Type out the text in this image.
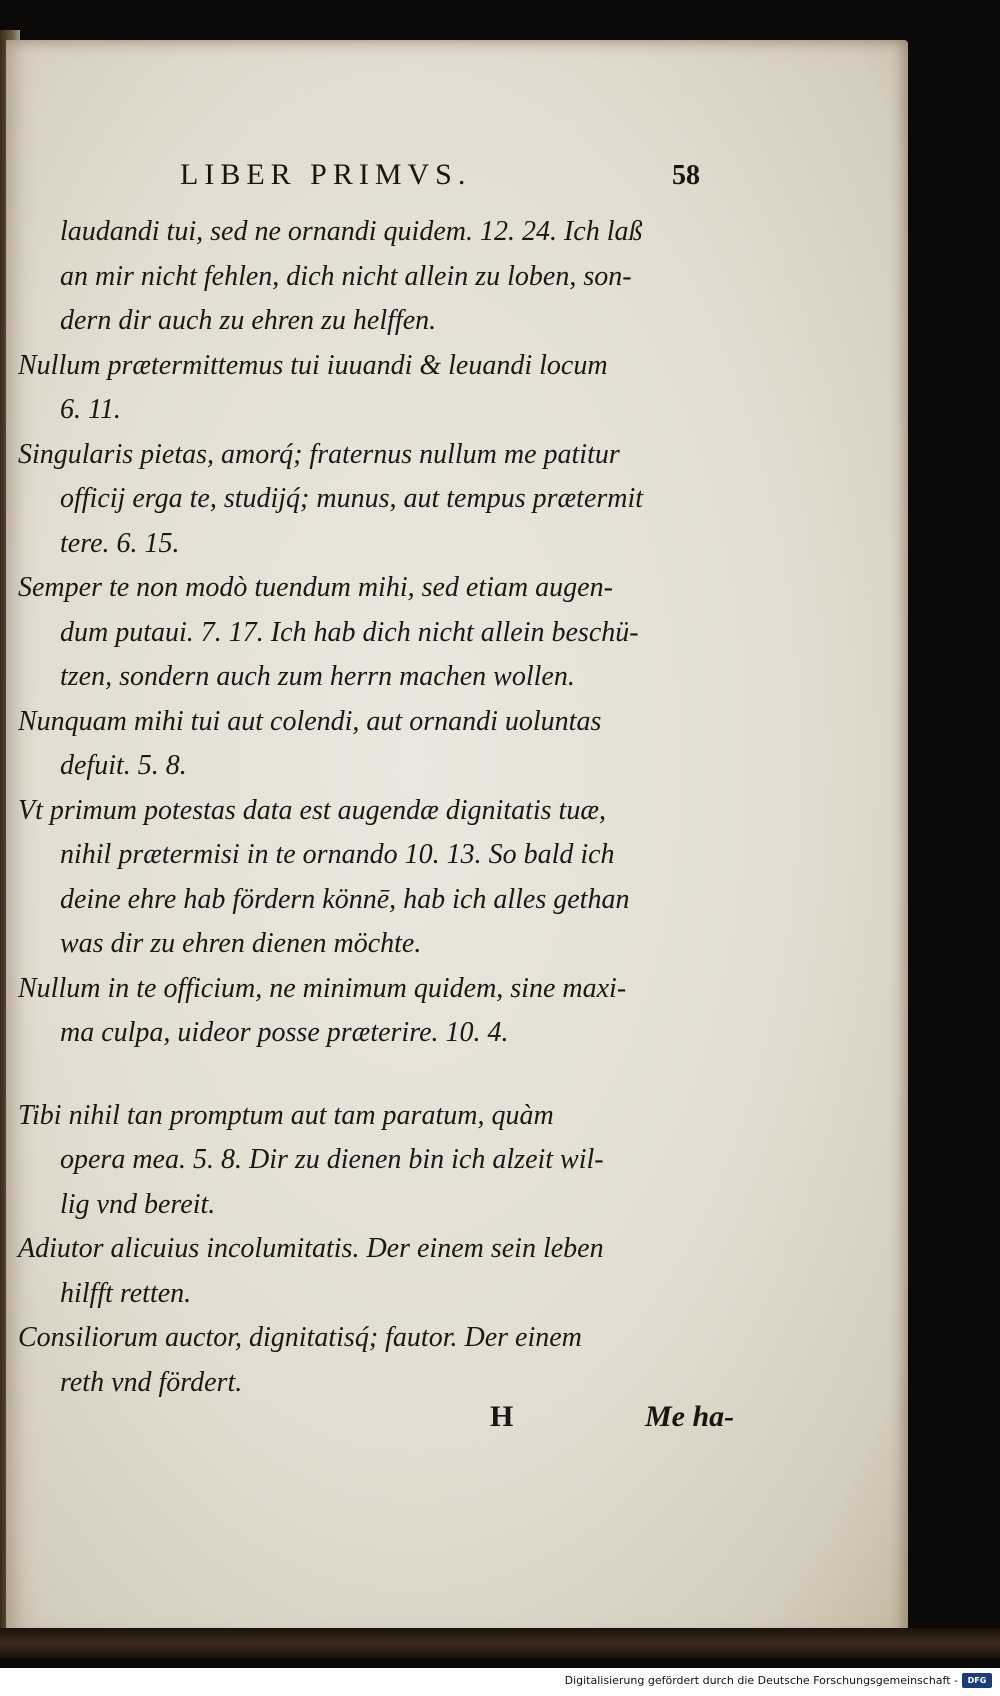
LIBER PRIMVS.	58

laudandi tui, sed ne ornandi quidem. 12. 24. Ich laß
an mir nicht fehlen, dich nicht allein zu loben, son-
dern dir auch zu ehren zu helffen.

Nullum prætermittemus tui iuuandi & leuandi locum
6. 11.

Singularis pietas, amorq́; fraternus nullum me patitur
officij erga te, studijq́; munus, aut tempus prætermit
tere. 6. 15.

Semper te non modò tuendum mihi, sed etiam augen-
dum putaui. 7. 17. Ich hab dich nicht allein beschü-
tzen, sondern auch zum herrn machen wollen.

Nunquam mihi tui aut colendi, aut ornandi uoluntas
defuit. 5. 8.

Vt primum potestas data est augendæ dignitatis tuæ,
nihil prætermisi in te ornando 10. 13. So bald ich
deine ehre hab fördern könnē, hab ich alles gethan
was dir zu ehren dienen möchte.

Nullum in te officium, ne minimum quidem, sine maxi-
ma culpa, uideor posse præterire. 10. 4.

Tibi nihil tan promptum aut tam paratum, quàm
opera mea. 5. 8. Dir zu dienen bin ich alzeit wil-
lig vnd bereit.

Adiutor alicuius incolumitatis. Der einem sein leben
hilfft retten.

Consiliorum auctor, dignitatisq́; fautor. Der einem
reth vnd fördert.

H	Me ha-
Digitalisierung gefördert durch die Deutsche Forschungsgemeinschaft -	DFG
